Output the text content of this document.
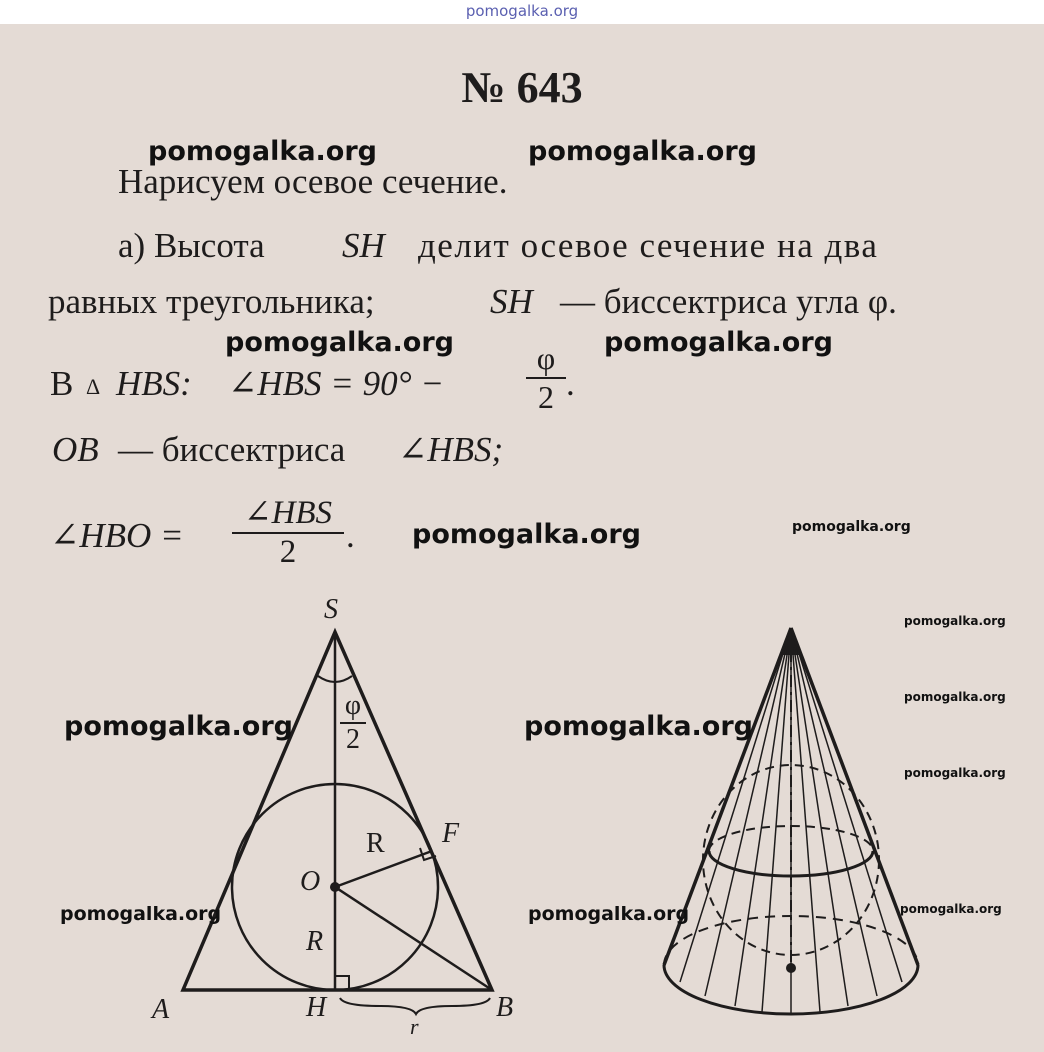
pomogalka.org
№ 643
Нарисуем осевое сечение.
а) Высота SH делит осевое сечение на два
равных треугольника;	SH — биссектриса угла φ.
В Δ HBS: ∠HBS = 90° −
φ
2 .
OB — биссектриса ∠HBS;
∠HBO =
∠HBS
2	.
S
φ
2
R F
O
R
A	H	B
r
pomogalka.org	pomogalka.org
pomogalka.org	pomogalka.org
pomogalka.org	pomogalka.org
pomogalka.org
pomogalka.org
pomogalka.org	pomogalka.org
pomogalka.org
pomogalka.org	pomogalka.org	pomogalka.org
